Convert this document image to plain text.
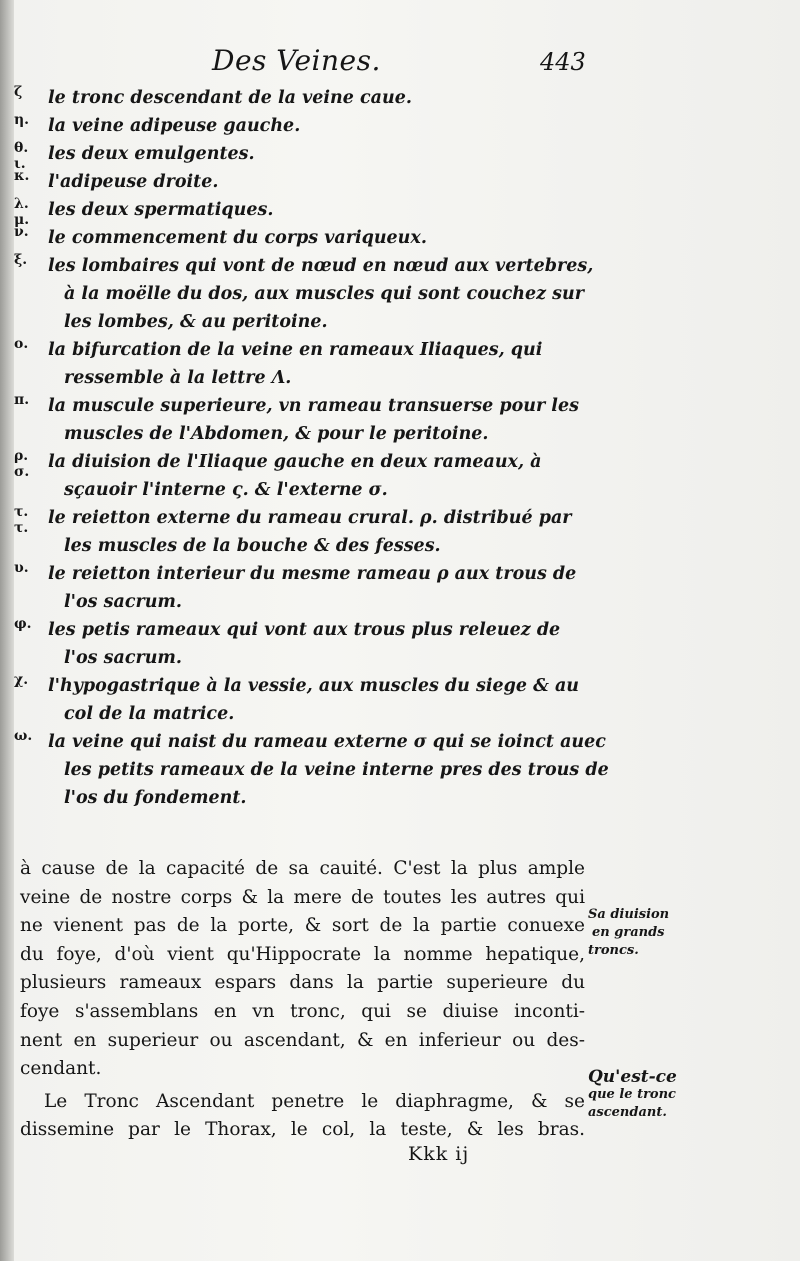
Des Veines.	443
ζ	le tronc descendant de la veine caue.
η.	la veine adipeuse gauche.
θ. ι.	les deux emulgentes.
κ.	l'adipeuse droite.
λ. μ.	les deux spermatiques.
ν.	le commencement du corps variqueux.
ξ.	les lombaires qui vont de nœud en nœud aux vertebres,
à la moëlle du dos, aux muscles qui sont couchez sur
les lombes, & au peritoine.
ο.	la bifurcation de la veine en rameaux Iliaques, qui
ressemble à la lettre Λ.
π.	la muscule superieure, vn rameau transuerse pour les
muscles de l'Abdomen, & pour le peritoine.
ρ. σ.	la diuision de l'Iliaque gauche en deux rameaux, à
sçauoir l'interne ς. & l'externe σ.
τ. τ.	le reietton externe du rameau crural. ρ. distribué par
les muscles de la bouche & des fesses.
υ.	le reietton interieur du mesme rameau ρ aux trous de
l'os sacrum.
φ. les petis rameaux qui vont aux trous plus releuez de
l'os sacrum.
χ.	l'hypogastrique à la vessie, aux muscles du siege & au
col de la matrice.
ω. la veine qui naist du rameau externe σ qui se ioinct auec
les petits rameaux de la veine interne pres des trous de
l'os du fondement.
à cause de la capacité de sa cauité. C'est la plus ample
veine de nostre corps & la mere de toutes les autres qui
ne vienent pas de la porte, & sort de la partie conuexe
du foye, d'où vient qu'Hippocrate la nomme hepatique,
plusieurs rameaux espars dans la partie superieure du
foye s'assemblans en vn tronc, qui se diuise inconti-
nent en superieur ou ascendant, & en inferieur ou des-
cendant.
Le Tronc Ascendant penetre le diaphragme, & se
dissemine par le Thorax, le col, la teste, & les bras.
Sa diuision
en grands
troncs.
Qu'est-ce
que le tronc
ascendant.
Kkk ij
